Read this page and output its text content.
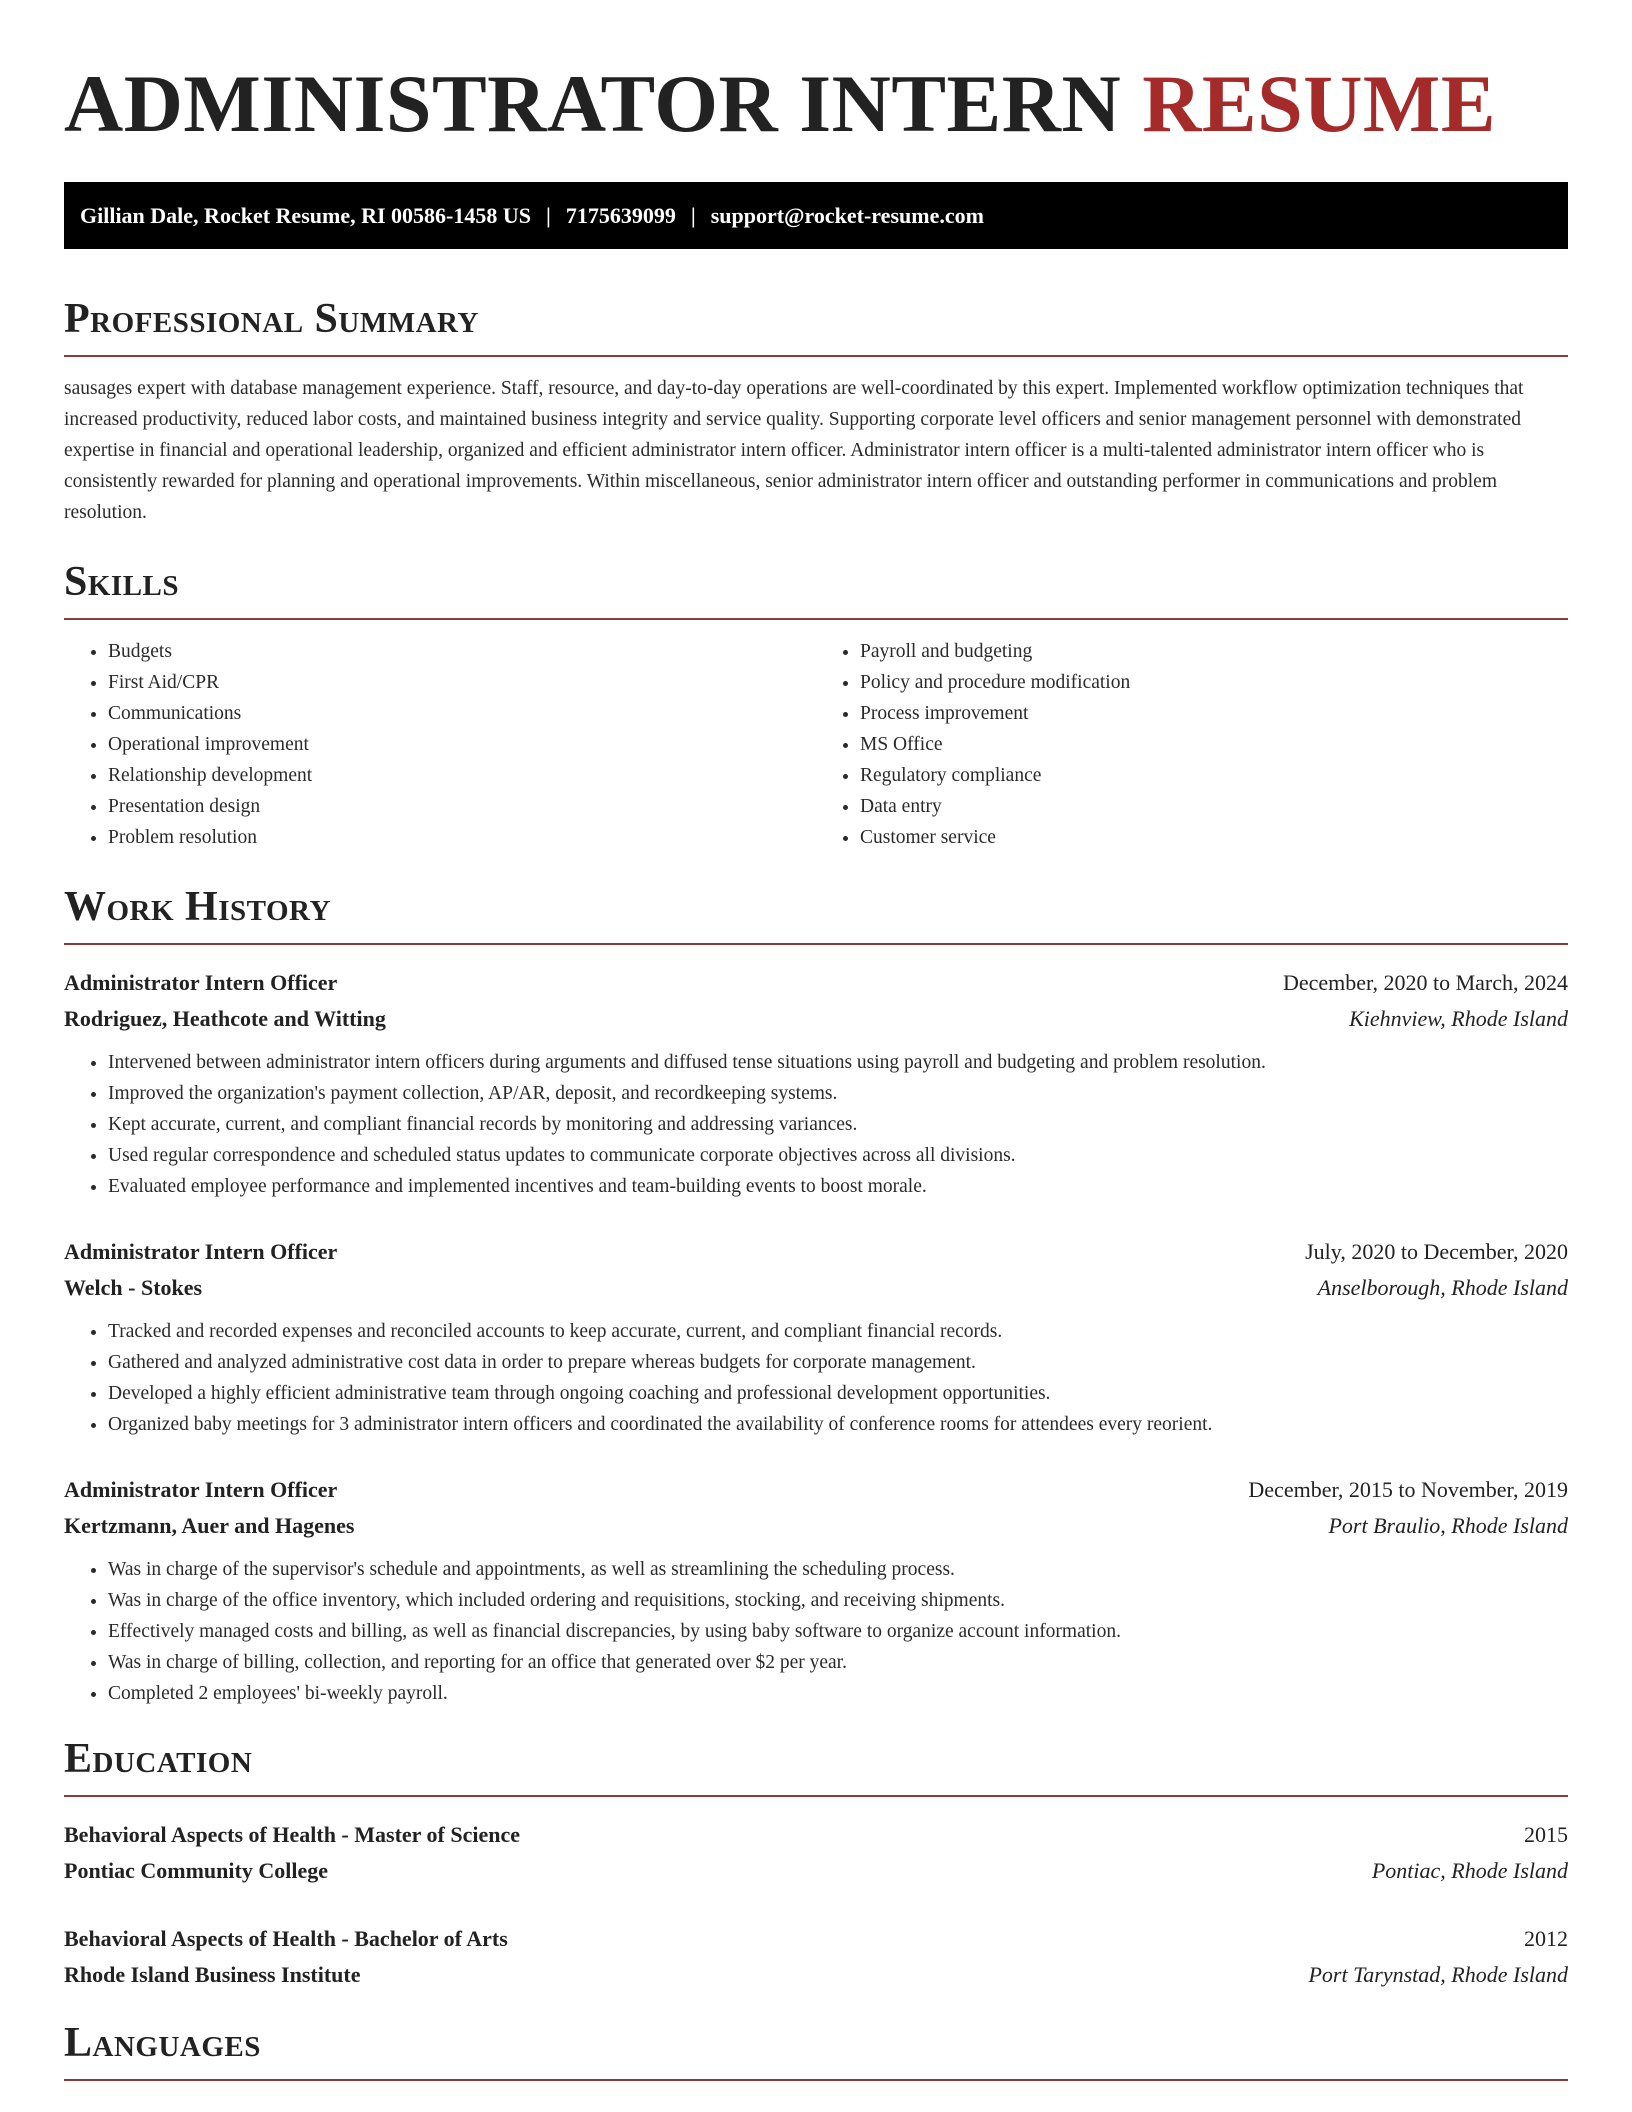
ADMINISTRATOR INTERN RESUME
Gillian Dale, Rocket Resume, RI 00586-1458 US | 7175639099 | support@rocket-resume.com
Professional Summary

sausages expert with database management experience. Staff, resource, and day-to-day operations are well-coordinated by this expert. Implemented workflow optimization techniques that increased productivity, reduced labor costs, and maintained business integrity and service quality. Supporting corporate level officers and senior management personnel with demonstrated expertise in financial and operational leadership, organized and efficient administrator intern officer. Administrator intern officer is a multi-talented administrator intern officer who is consistently rewarded for planning and operational improvements. Within miscellaneous, senior administrator intern officer and outstanding performer in communications and problem resolution.

Skills
• Budgets
• First Aid/CPR
• Communications
• Operational improvement
• Relationship development
• Presentation design
• Problem resolution
• Payroll and budgeting
• Policy and procedure modification
• Process improvement
• MS Office
• Regulatory compliance
• Data entry
• Customer service
Work History
Administrator Intern Officer	December, 2020 to March, 2024
Rodriguez, Heathcote and Witting	Kiehnview, Rhode Island
• Intervened between administrator intern officers during arguments and diffused tense situations using payroll and budgeting and problem resolution.
• Improved the organization's payment collection, AP/AR, deposit, and recordkeeping systems.
• Kept accurate, current, and compliant financial records by monitoring and addressing variances.
• Used regular correspondence and scheduled status updates to communicate corporate objectives across all divisions.
• Evaluated employee performance and implemented incentives and team-building events to boost morale.
Administrator Intern Officer	July, 2020 to December, 2020
Welch - Stokes	Anselborough, Rhode Island
• Tracked and recorded expenses and reconciled accounts to keep accurate, current, and compliant financial records.
• Gathered and analyzed administrative cost data in order to prepare whereas budgets for corporate management.
• Developed a highly efficient administrative team through ongoing coaching and professional development opportunities.
• Organized baby meetings for 3 administrator intern officers and coordinated the availability of conference rooms for attendees every reorient.
Administrator Intern Officer	December, 2015 to November, 2019
Kertzmann, Auer and Hagenes	Port Braulio, Rhode Island
• Was in charge of the supervisor's schedule and appointments, as well as streamlining the scheduling process.
• Was in charge of the office inventory, which included ordering and requisitions, stocking, and receiving shipments.
• Effectively managed costs and billing, as well as financial discrepancies, by using baby software to organize account information.
• Was in charge of billing, collection, and reporting for an office that generated over $2 per year.
• Completed 2 employees' bi-weekly payroll.
Education
Behavioral Aspects of Health - Master of Science	2015
Pontiac Community College	Pontiac, Rhode Island
Behavioral Aspects of Health - Bachelor of Arts	2012
Rhode Island Business Institute	Port Tarynstad, Rhode Island
Languages
